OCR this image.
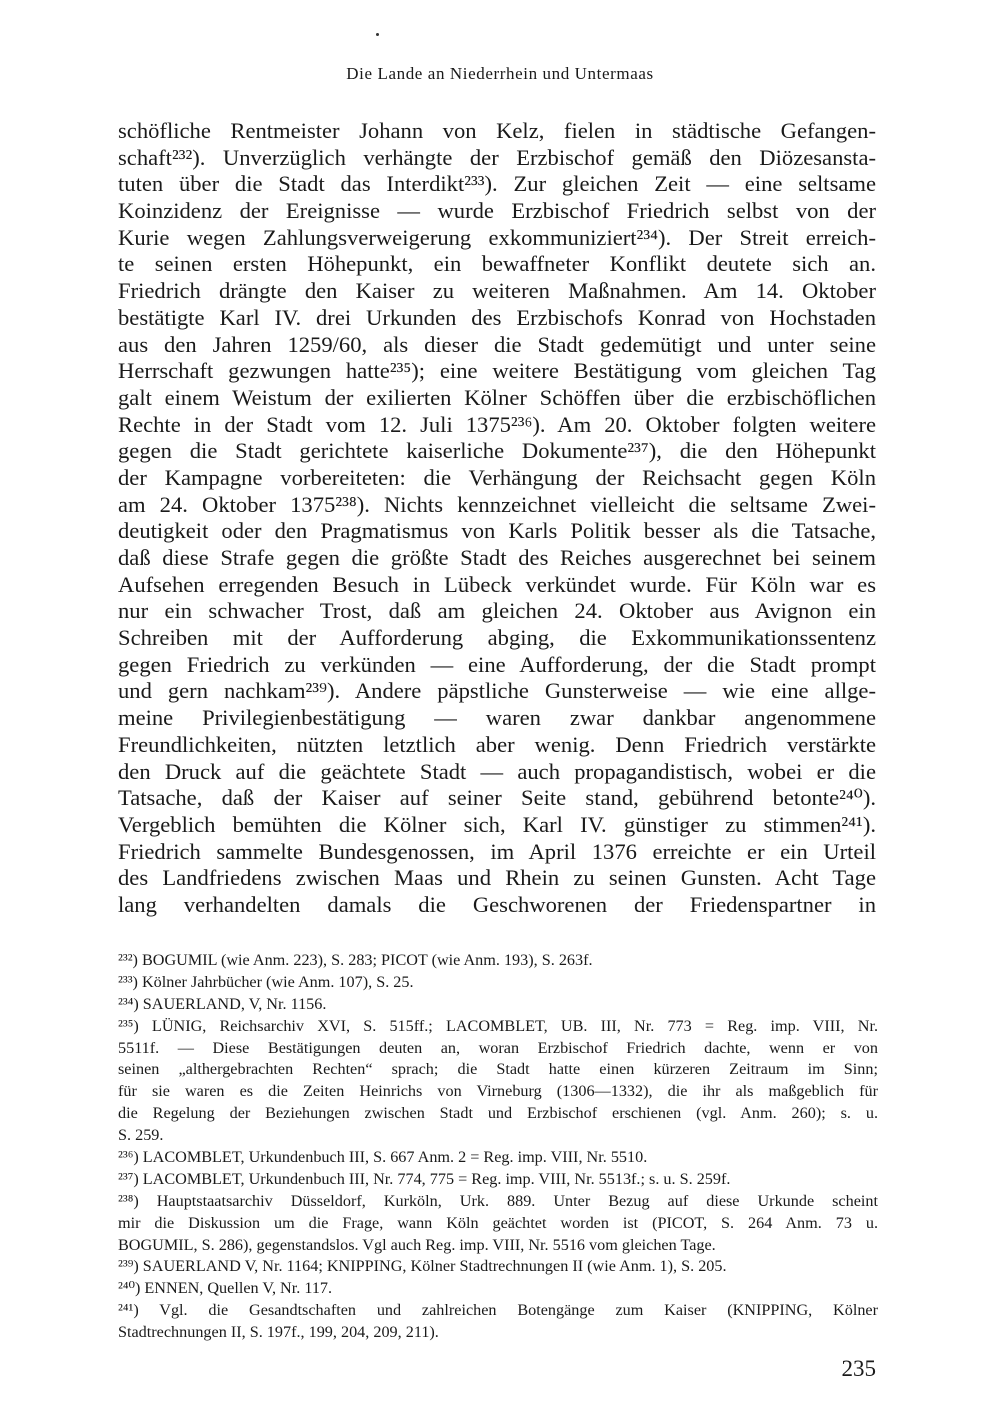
Die Lande an Niederrhein und Untermaas
schöfliche Rentmeister Johann von Kelz, fielen in städtische Gefangen-
schaft²³²). Unverzüglich verhängte der Erzbischof gemäß den Diözesansta-
tuten über die Stadt das Interdikt²³³). Zur gleichen Zeit — eine seltsame
Koinzidenz der Ereignisse — wurde Erzbischof Friedrich selbst von der
Kurie wegen Zahlungsverweigerung exkommuniziert²³⁴). Der Streit erreich-
te seinen ersten Höhepunkt, ein bewaffneter Konflikt deutete sich an.
Friedrich drängte den Kaiser zu weiteren Maßnahmen. Am 14. Oktober
bestätigte Karl IV. drei Urkunden des Erzbischofs Konrad von Hochstaden
aus den Jahren 1259/60, als dieser die Stadt gedemütigt und unter seine
Herrschaft gezwungen hatte²³⁵); eine weitere Bestätigung vom gleichen Tag
galt einem Weistum der exilierten Kölner Schöffen über die erzbischöflichen
Rechte in der Stadt vom 12. Juli 1375²³⁶). Am 20. Oktober folgten weitere
gegen die Stadt gerichtete kaiserliche Dokumente²³⁷), die den Höhepunkt
der Kampagne vorbereiteten: die Verhängung der Reichsacht gegen Köln
am 24. Oktober 1375²³⁸). Nichts kennzeichnet vielleicht die seltsame Zwei-
deutigkeit oder den Pragmatismus von Karls Politik besser als die Tatsache,
daß diese Strafe gegen die größte Stadt des Reiches ausgerechnet bei seinem
Aufsehen erregenden Besuch in Lübeck verkündet wurde. Für Köln war es
nur ein schwacher Trost, daß am gleichen 24. Oktober aus Avignon ein
Schreiben mit der Aufforderung abging, die Exkommunikationssentenz
gegen Friedrich zu verkünden — eine Aufforderung, der die Stadt prompt
und gern nachkam²³⁹). Andere päpstliche Gunsterweise — wie eine allge-
meine Privilegienbestätigung — waren zwar dankbar angenommene
Freundlichkeiten, nützten letztlich aber wenig. Denn Friedrich verstärkte
den Druck auf die geächtete Stadt — auch propagandistisch, wobei er die
Tatsache, daß der Kaiser auf seiner Seite stand, gebührend betonte²⁴⁰).
Vergeblich bemühten die Kölner sich, Karl IV. günstiger zu stimmen²⁴¹).
Friedrich sammelte Bundesgenossen, im April 1376 erreichte er ein Urteil
des Landfriedens zwischen Maas und Rhein zu seinen Gunsten. Acht Tage
lang verhandelten damals die Geschworenen der Friedenspartner in
²³²) BOGUMIL (wie Anm. 223), S. 283; PICOT (wie Anm. 193), S. 263f.
²³³) Kölner Jahrbücher (wie Anm. 107), S. 25.
²³⁴) SAUERLAND, V, Nr. 1156.
²³⁵) LÜNIG, Reichsarchiv XVI, S. 515ff.; LACOMBLET, UB. III, Nr. 773 = Reg. imp. VIII, Nr.
5511f. — Diese Bestätigungen deuten an, woran Erzbischof Friedrich dachte, wenn er von
seinen „althergebrachten Rechten“ sprach; die Stadt hatte einen kürzeren Zeitraum im Sinn;
für sie waren es die Zeiten Heinrichs von Virneburg (1306—1332), die ihr als maßgeblich für
die Regelung der Beziehungen zwischen Stadt und Erzbischof erschienen (vgl. Anm. 260); s. u.
S. 259.
²³⁶) LACOMBLET, Urkundenbuch III, S. 667 Anm. 2 = Reg. imp. VIII, Nr. 5510.
²³⁷) LACOMBLET, Urkundenbuch III, Nr. 774, 775 = Reg. imp. VIII, Nr. 5513f.; s. u. S. 259f.
²³⁸) Hauptstaatsarchiv Düsseldorf, Kurköln, Urk. 889. Unter Bezug auf diese Urkunde scheint
mir die Diskussion um die Frage, wann Köln geächtet worden ist (PICOT, S. 264 Anm. 73 u.
BOGUMIL, S. 286), gegenstandslos. Vgl auch Reg. imp. VIII, Nr. 5516 vom gleichen Tage.
²³⁹) SAUERLAND V, Nr. 1164; KNIPPING, Kölner Stadtrechnungen II (wie Anm. 1), S. 205.
²⁴⁰) ENNEN, Quellen V, Nr. 117.
²⁴¹) Vgl. die Gesandtschaften und zahlreichen Botengänge zum Kaiser (KNIPPING, Kölner
Stadtrechnungen II, S. 197f., 199, 204, 209, 211).
235
